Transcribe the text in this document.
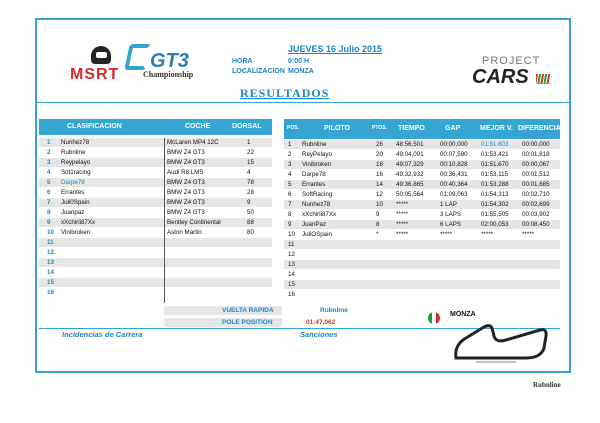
MSRT
GT3
Championship
JUEVES 16 Julio 2015
HORA	0:00 H
LOCALIZACION MONZA
PROJECT
CARS
RESULTADOS
CLASIFICACION	COCHE	DORSAL	POS.	PILOTO	PTOS. TIEMPO	GAP	MEJOR V. DIFERENCIA
1 Nunhez78	McLaren MP4 12C	1
2 Rubnline	BMW Z4 GT3	22
3 Reypelayo	BMW Z4 GT3	15
4 Sot1racing	Audi R8 LMS	4
5 Darpe78	BMW Z4 GT3	78
6 Errantes	BMW Z4 GT3	28
7 Juli0Spain	BMW Z4 GT3	9
8 Juanpaz	BMW Z4 GT3	50
9 xXchirli87Xx	Bentley Continental	88
10 Vinibroken	Aston Martin	80
11
12
13
14
15
16
1 Rubnline	26 48:56,501	00:00,000 01:51,603 00:00,000
2 ReyPelayo	20 49:04,091	00:07,590 01:53,421 00:01,818
3 Vinibroken	18 49:07,329	00:10,828 01:51,670 00:00,067
4 Darpe78	16 49:32,932	00:36,431 01:53,115 00:01,512
5 Errantes	14 49:36,865	00:40,364 01:53,288 00:01,685
6 SoftRacing	12 50:05,564	01:09,063 01:54,313 00:02,710
7 Nunhez78	10 *****	1 LAP	01:54,302 00:02,699
8 xXchirli87Xx	9	*****	3 LAPS	01:55,505 00:03,902
9 JuanPaz	8	*****	6 LAPS	02:00,053 00:08,450
10 JuliOSpain	*	*****	*****	*****	*****
11
12
13
14
15
16
VUELTA RAPIDA	Rubnline
POLE POSITION	01:47,062
Incidencias de Carrera	Sanciones
MONZA
Rubnline
